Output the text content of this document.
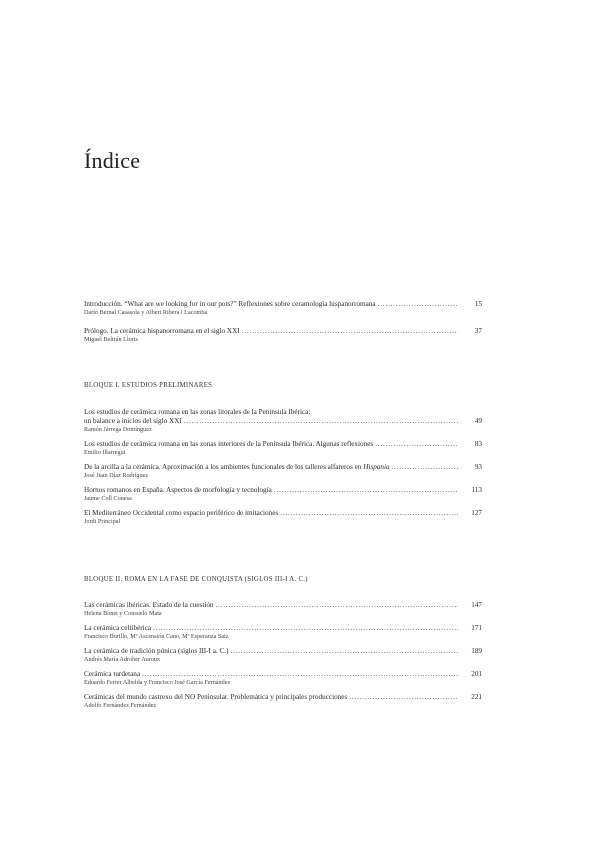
Índice
Introducción. “What are we looking for in our pots?” Reflexiones sobre ceramología hispanorromana .....	15
Darío Bernal Casasola y Albert Ribera i Lacomba
Prólogo. La cerámica hispanorromana en el siglo XXI .....	37
Miguel Beltrán Lloris
BLOQUE I. ESTUDIOS PRELIMINARES
Los estudios de cerámica romana en las zonas litorales de la Península Ibérica:
un balance a inicios del siglo XXI .....	49
Ramón Járrega Domínguez
Los estudios de cerámica romana en las zonas interiores de la Península Ibérica. Algunas reflexiones .....	83
Emilio Illarregui
De la arcilla a la cerámica. Aproximación a los ambientes funcionales de los talleres alfareros en Hispania .....	93
José Juan Díaz Rodríguez
Hornos romanos en España. Aspectos de morfología y tecnología .....	113
Jaume Coll Conesa
El Mediterráneo Occidental como espacio periférico de imitaciones .....	127
Jordi Principal
BLOQUE II. ROMA EN LA FASE DE CONQUISTA (SIGLOS III-I A. C.)
Las cerámicas ibéricas. Estado de la cuestión .....	147
Helena Bonet y Consuelo Mata
La cerámica celtibérica .....	171
Francisco Burillo, Mª Ascensión Cano, Mª Esperanza Saiz
La cerámica de tradición púnica (siglos III-I a. C.) .....	189
Andrés María Adroher Auroux
Cerámica turdetana .....	201
Eduardo Ferrer Albelda y Francisco José García Fernández
Cerámicas del mundo castrexo del NO Peninsular. Problemática y principales producciones .....	221
Adolfo Fernández Fernández
